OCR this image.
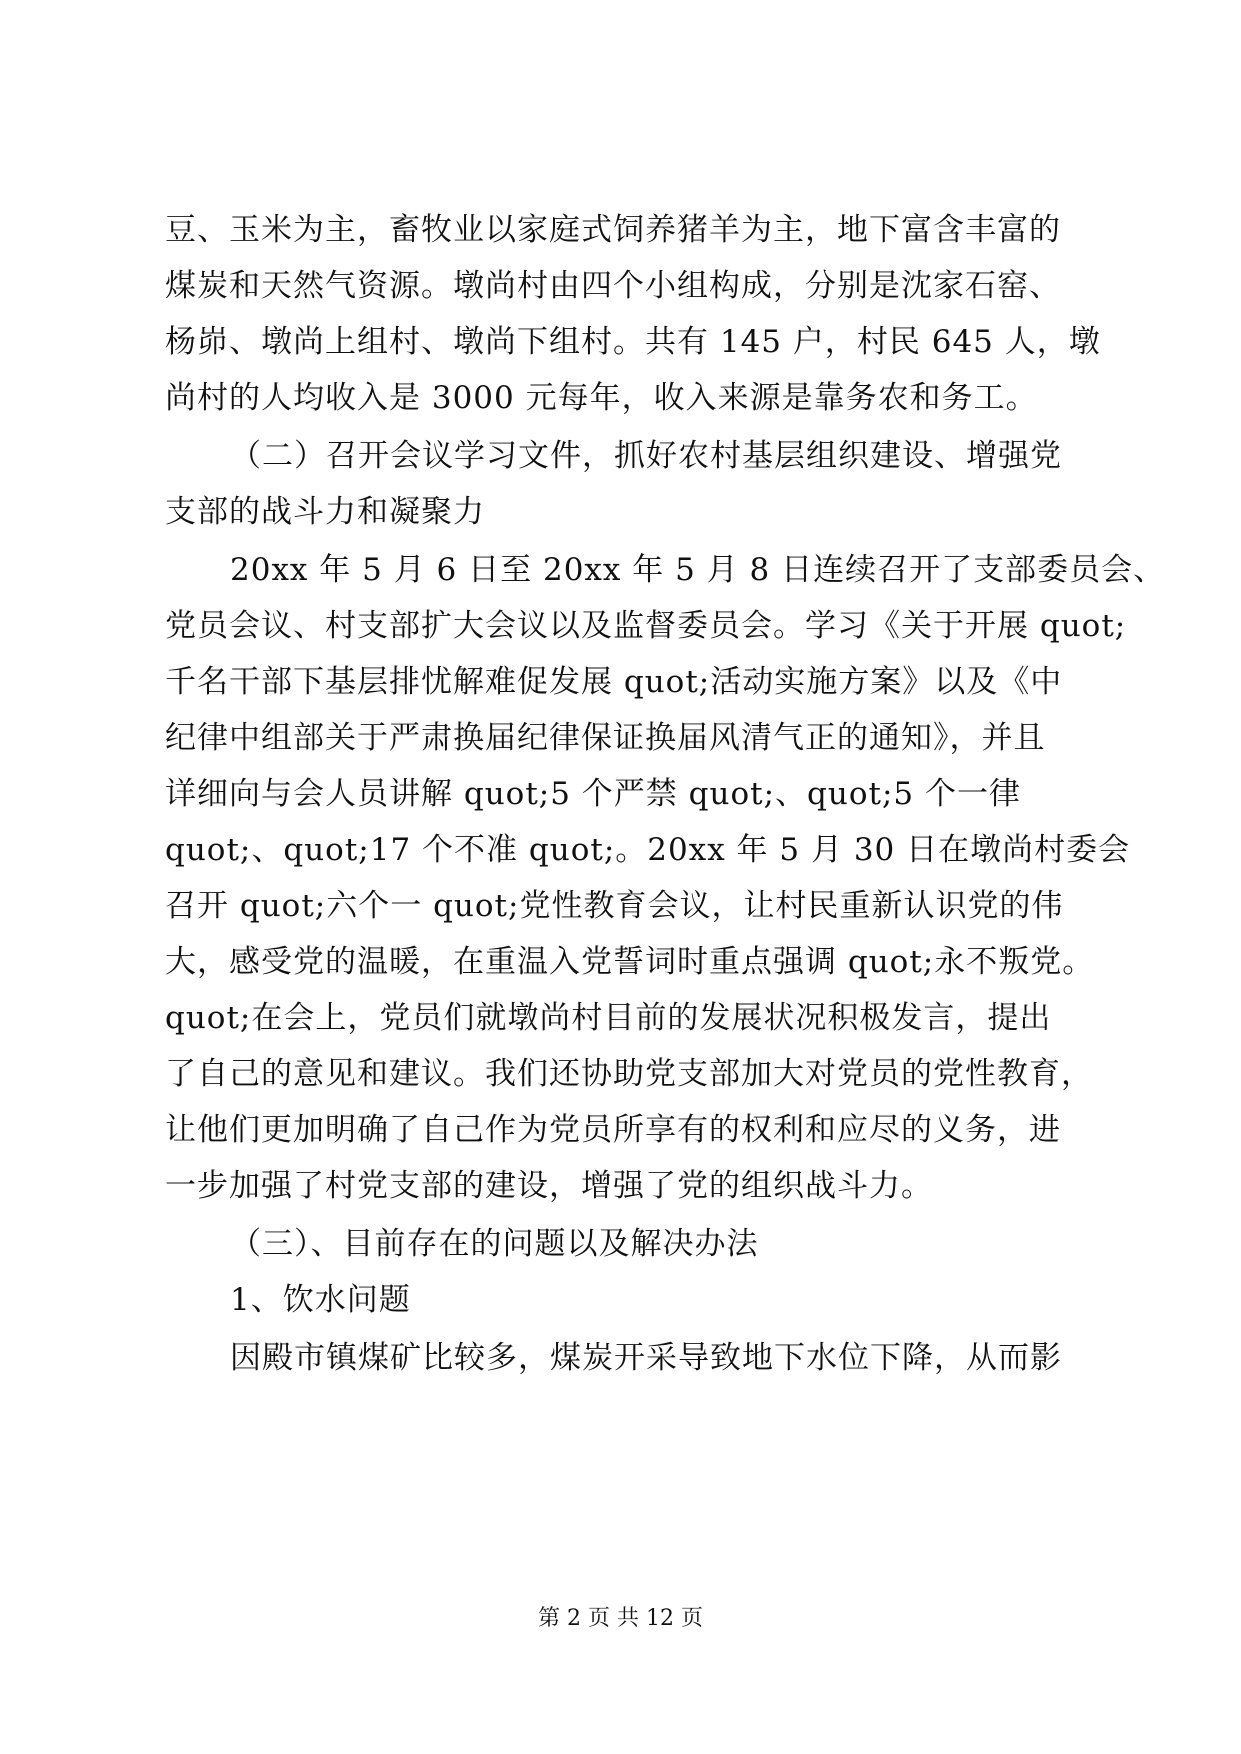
豆、玉米为主，畜牧业以家庭式饲养猪羊为主，地下富含丰富的
煤炭和天然气资源。墩尚村由四个小组构成，分别是沈家石窑、
杨峁、墩尚上组村、墩尚下组村。共有 145 户，村民 645 人，墩
尚村的人均收入是 3000 元每年，收入来源是靠务农和务工。
（二）召开会议学习文件，抓好农村基层组织建设、增强党
支部的战斗力和凝聚力
20xx 年 5 月 6 日至 20xx 年 5 月 8 日连续召开了支部委员会、
党员会议、村支部扩大会议以及监督委员会。学习《关于开展 quot;
千名干部下基层排忧解难促发展 quot;活动实施方案》以及《中
纪律中组部关于严肃换届纪律保证换届风清气正的通知》，并且
详细向与会人员讲解 quot;5 个严禁 quot;、quot;5 个一律
quot;、quot;17 个不准 quot;。20xx 年 5 月 30 日在墩尚村委会
召开 quot;六个一 quot;党性教育会议，让村民重新认识党的伟
大，感受党的温暖，在重温入党誓词时重点强调 quot;永不叛党。
quot;在会上，党员们就墩尚村目前的发展状况积极发言，提出
了自己的意见和建议。我们还协助党支部加大对党员的党性教育，
让他们更加明确了自己作为党员所享有的权利和应尽的义务，进
一步加强了村党支部的建设，增强了党的组织战斗力。
（三）、目前存在的问题以及解决办法
1、饮水问题
因殿市镇煤矿比较多，煤炭开采导致地下水位下降，从而影
第 2 页 共 12 页
